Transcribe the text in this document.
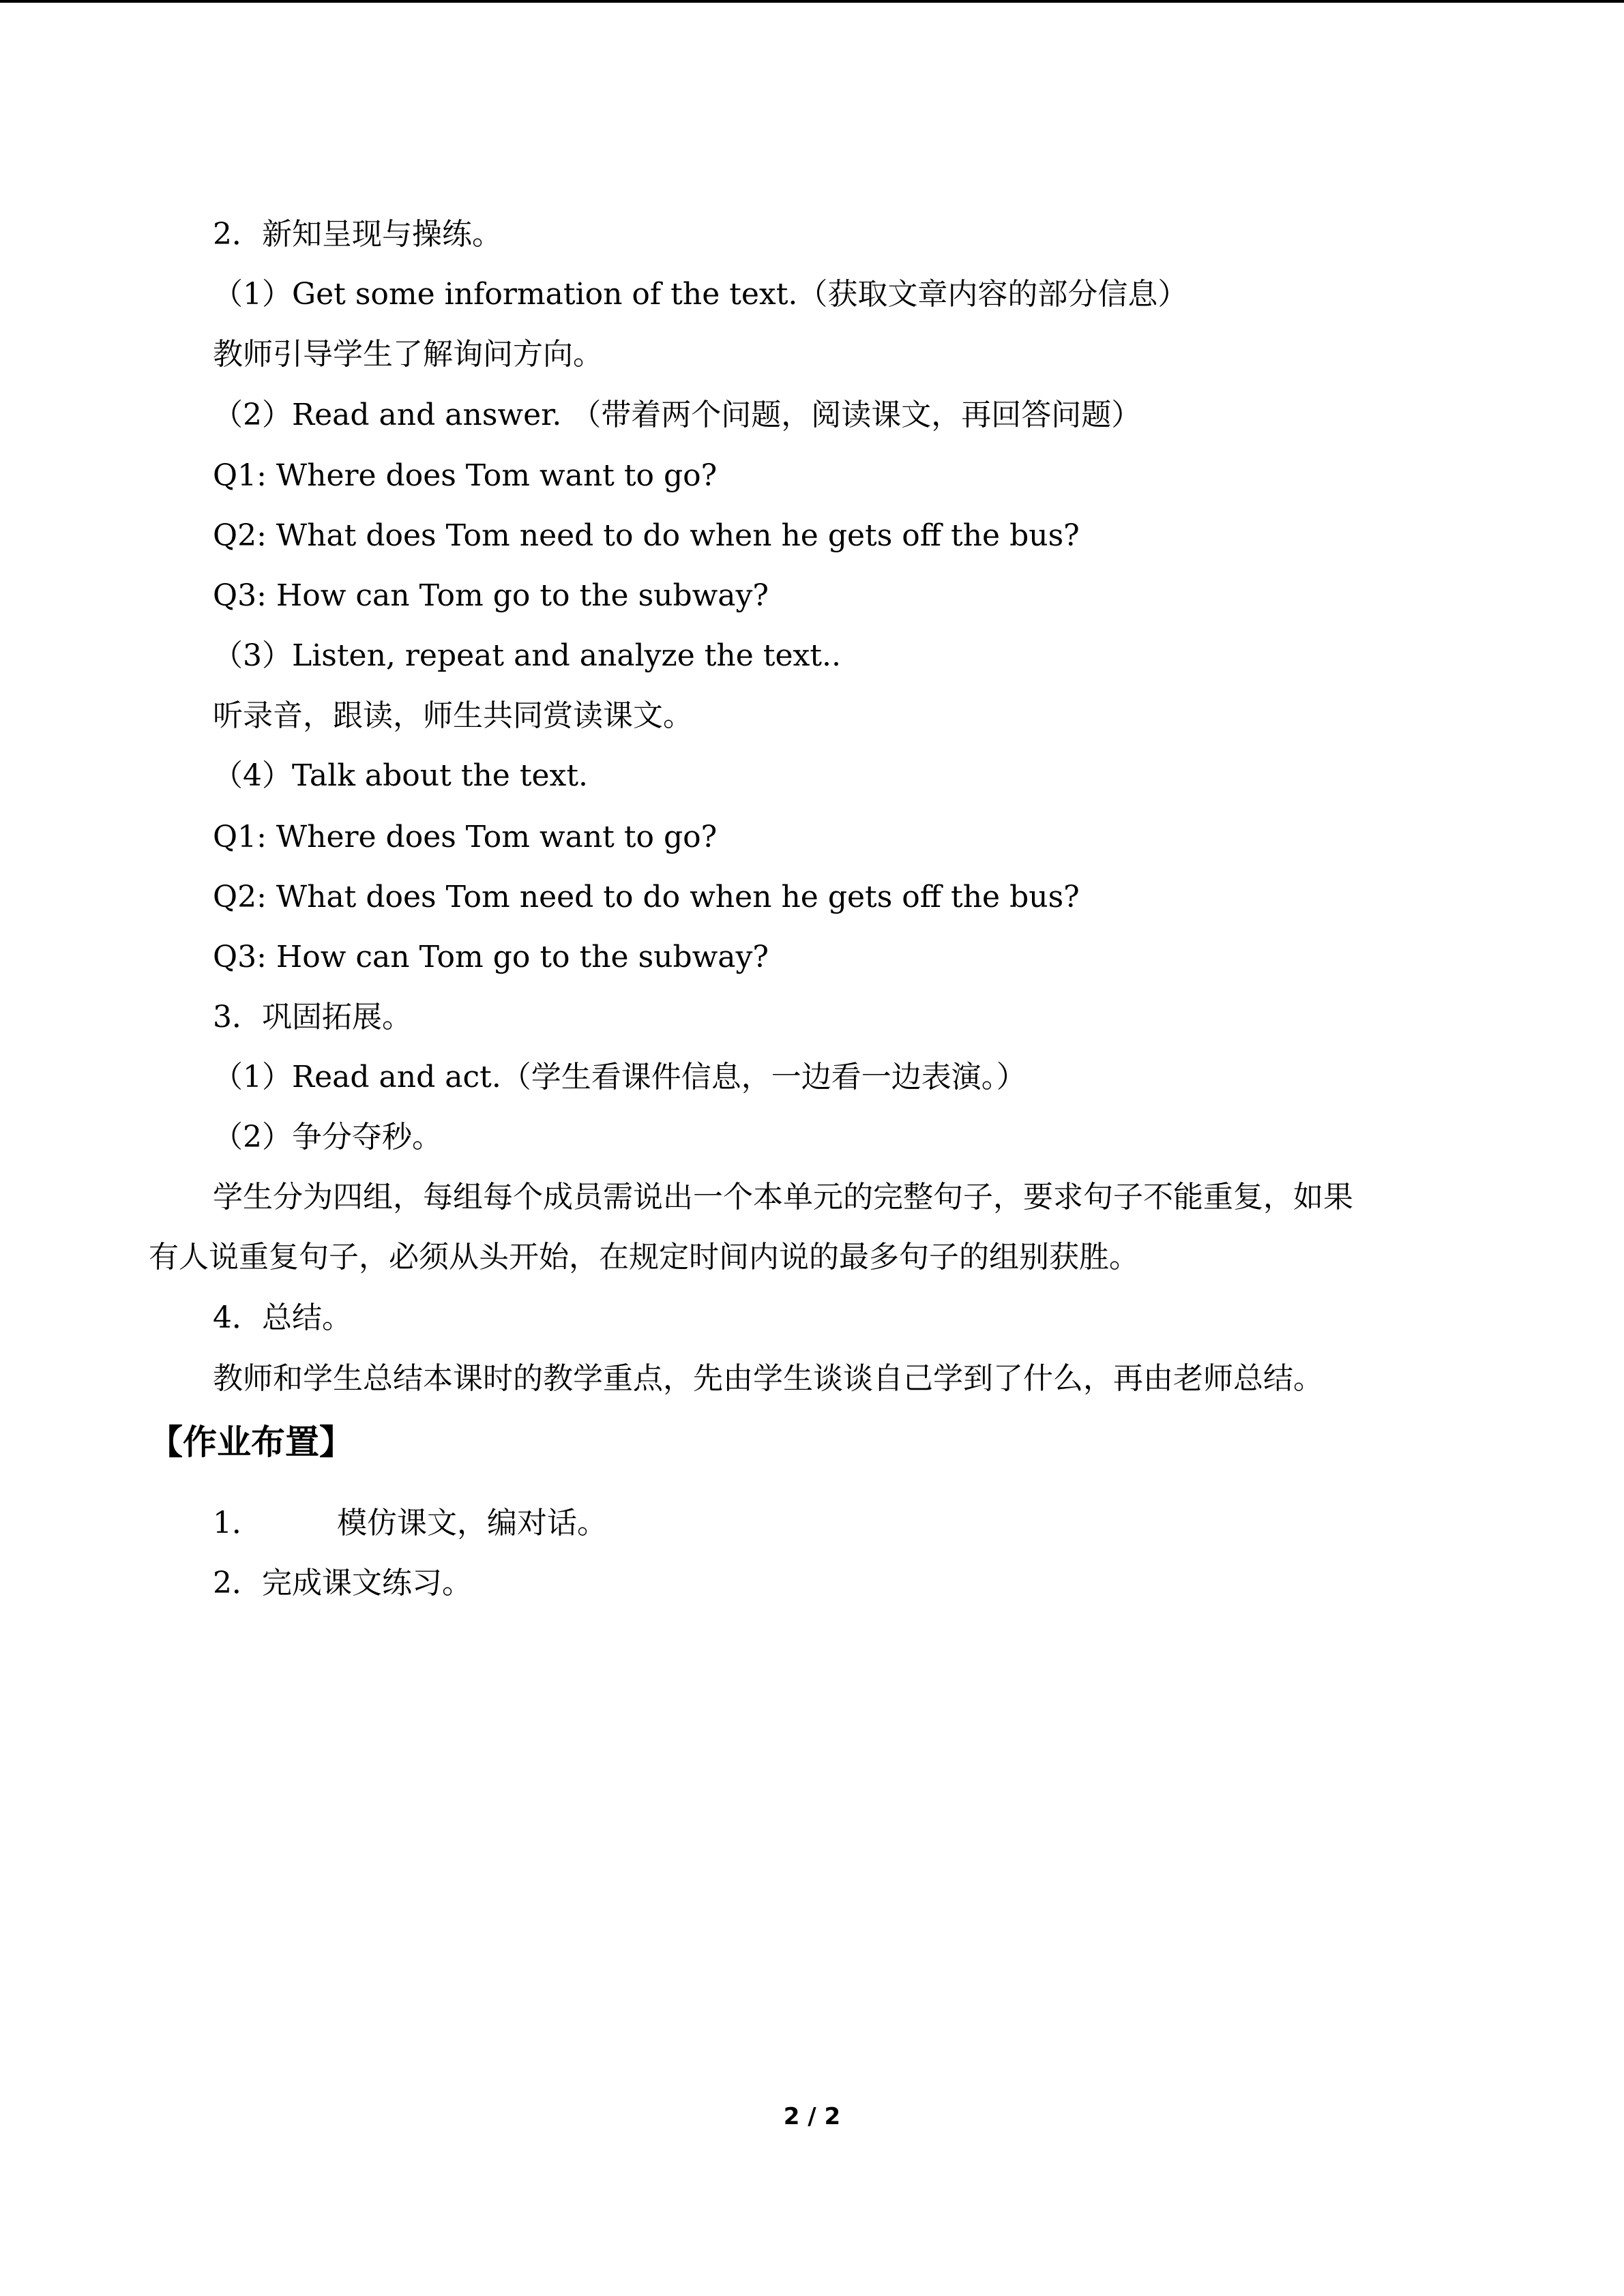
2．新知呈现与操练。
（1）Get some information of the text.（获取文章内容的部分信息）
教师引导学生了解询问方向。
（2）Read and answer. （带着两个问题，阅读课文，再回答问题）
Q1: Where does Tom want to go?
Q2: What does Tom need to do when he gets off the bus?
Q3: How can Tom go to the subway?
（3）Listen, repeat and analyze the text..
听录音，跟读，师生共同赏读课文。
（4）Talk about the text.
Q1: Where does Tom want to go?
Q2: What does Tom need to do when he gets off the bus?
Q3: How can Tom go to the subway?
3．巩固拓展。
（1）Read and act.（学生看课件信息，一边看一边表演。）
（2）争分夺秒。
学生分为四组，每组每个成员需说出一个本单元的完整句子，要求句子不能重复，如果
有人说重复句子，必须从头开始，在规定时间内说的最多句子的组别获胜。
4．总结。
教师和学生总结本课时的教学重点，先由学生谈谈自己学到了什么，再由老师总结。
【作业布置】
1．	模仿课文，编对话。
2．完成课文练习。
2 / 2
